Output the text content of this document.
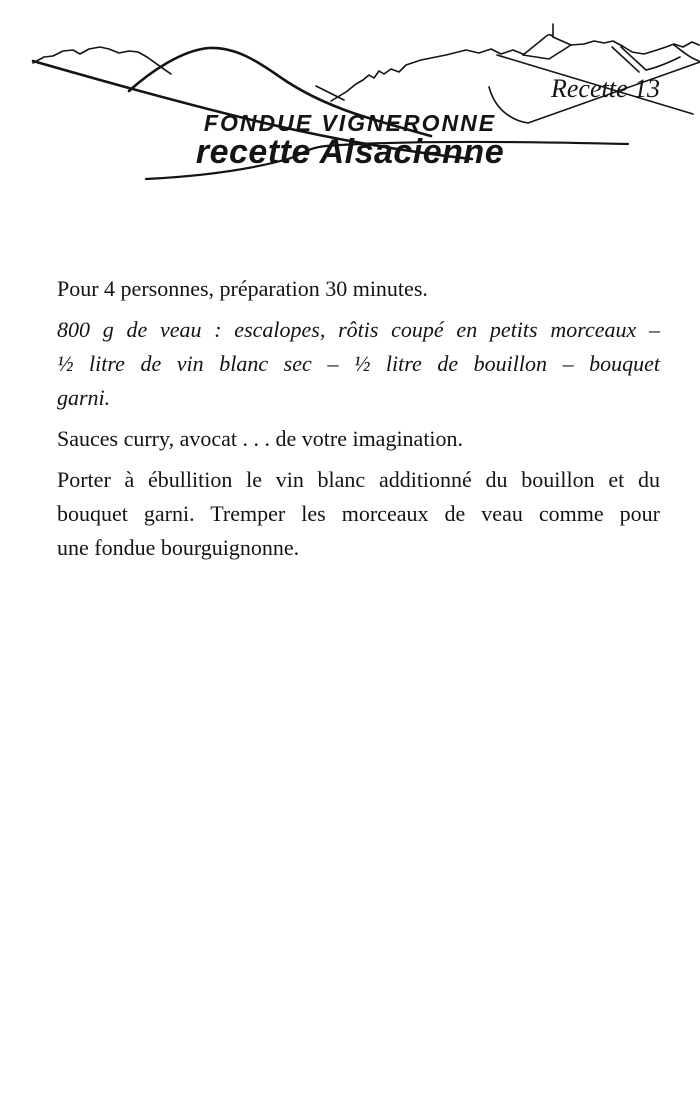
Recette 13
FONDUE VIGNERONNE
recette Alsacienne
Pour 4 personnes, préparation 30 minutes.
800 g de veau : escalopes, rôtis coupé en petits morceaux –
½ litre de vin blanc sec – ½ litre de bouillon – bouquet
garni.
Sauces curry, avocat . . . de votre imagination.
Porter à ébullition le vin blanc additionné du bouillon et du
bouquet garni. Tremper les morceaux de veau comme pour
une fondue bourguignonne.
